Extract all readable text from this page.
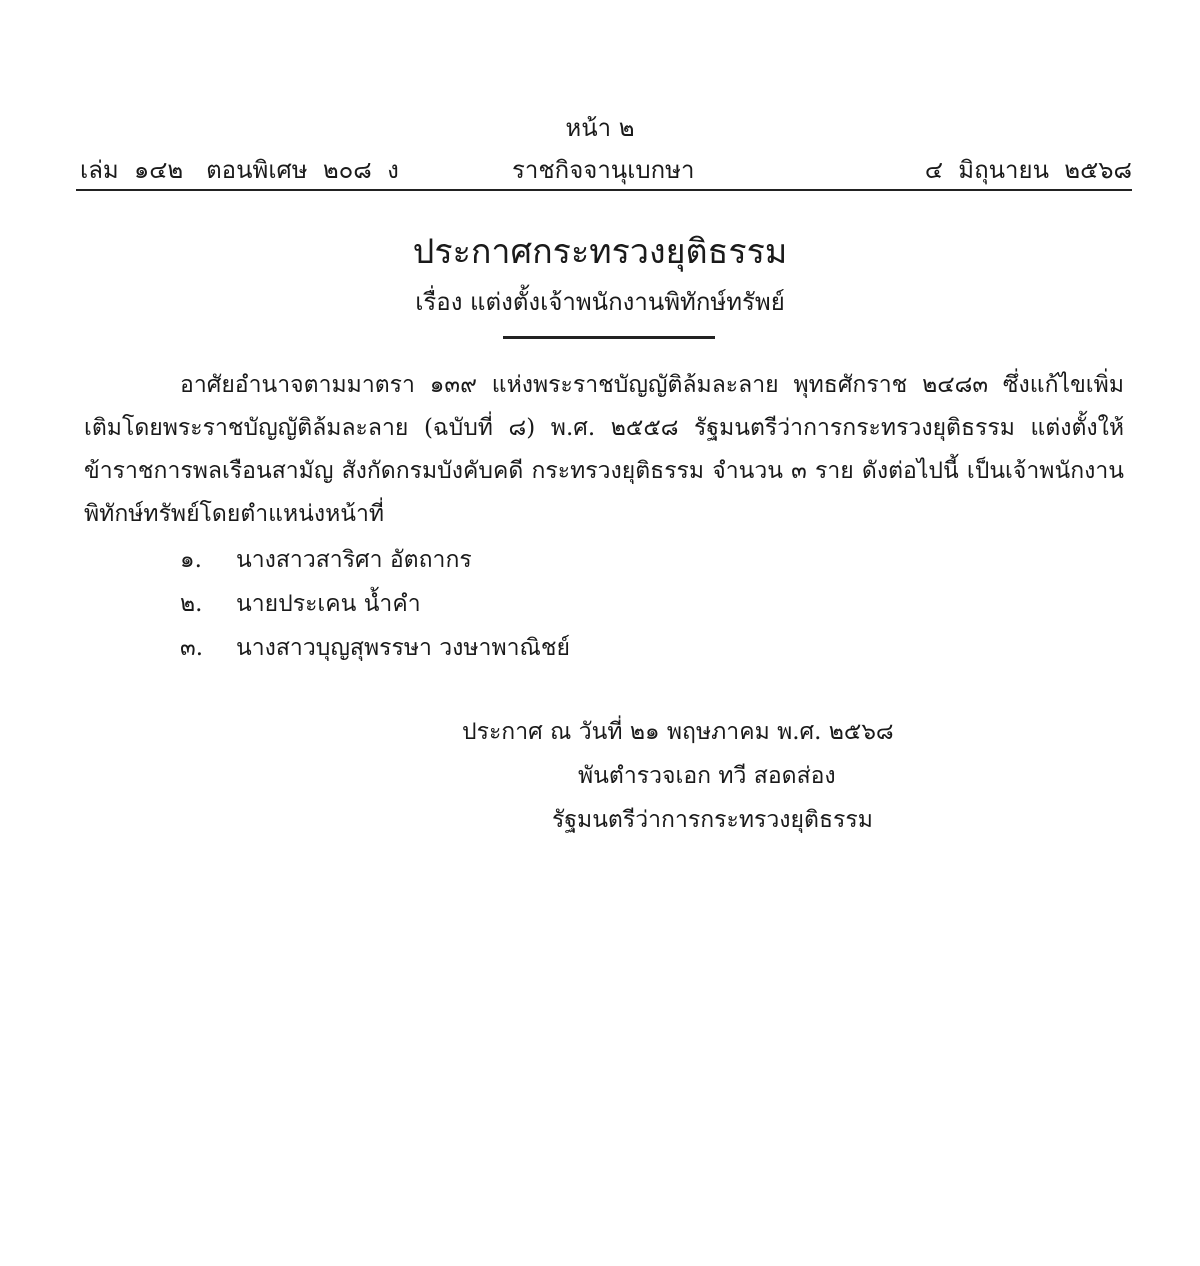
หน้า ๒
เล่ม  ๑๔๒   ตอนพิเศษ  ๒๐๘  ง	ราชกิจจานุเบกษา	๔  มิถุนายน  ๒๕๖๘
ประกาศกระทรวงยุติธรรม
เรื่อง แต่งตั้งเจ้าพนักงานพิทักษ์ทรัพย์
อาศัยอำนาจตามมาตรา ๑๓๙ แห่งพระราชบัญญัติล้มละลาย พุทธศักราช ๒๔๘๓ ซึ่งแก้ไขเพิ่มเติมโดยพระราชบัญญัติล้มละลาย (ฉบับที่ ๘) พ.ศ. ๒๕๕๘ รัฐมนตรีว่าการกระทรวงยุติธรรม แต่งตั้งให้ข้าราชการพลเรือนสามัญ สังกัดกรมบังคับคดี กระทรวงยุติธรรม จำนวน ๓ ราย ดังต่อไปนี้ เป็นเจ้าพนักงานพิทักษ์ทรัพย์โดยตำแหน่งหน้าที่
๑. นางสาวสาริศา อัตถากร
๒. นายประเคน น้ำคำ
๓. นางสาวบุญสุพรรษา วงษาพาณิชย์
ประกาศ ณ วันที่ ๒๑ พฤษภาคม พ.ศ. ๒๕๖๘
พันตำรวจเอก ทวี สอดส่อง
รัฐมนตรีว่าการกระทรวงยุติธรรม
